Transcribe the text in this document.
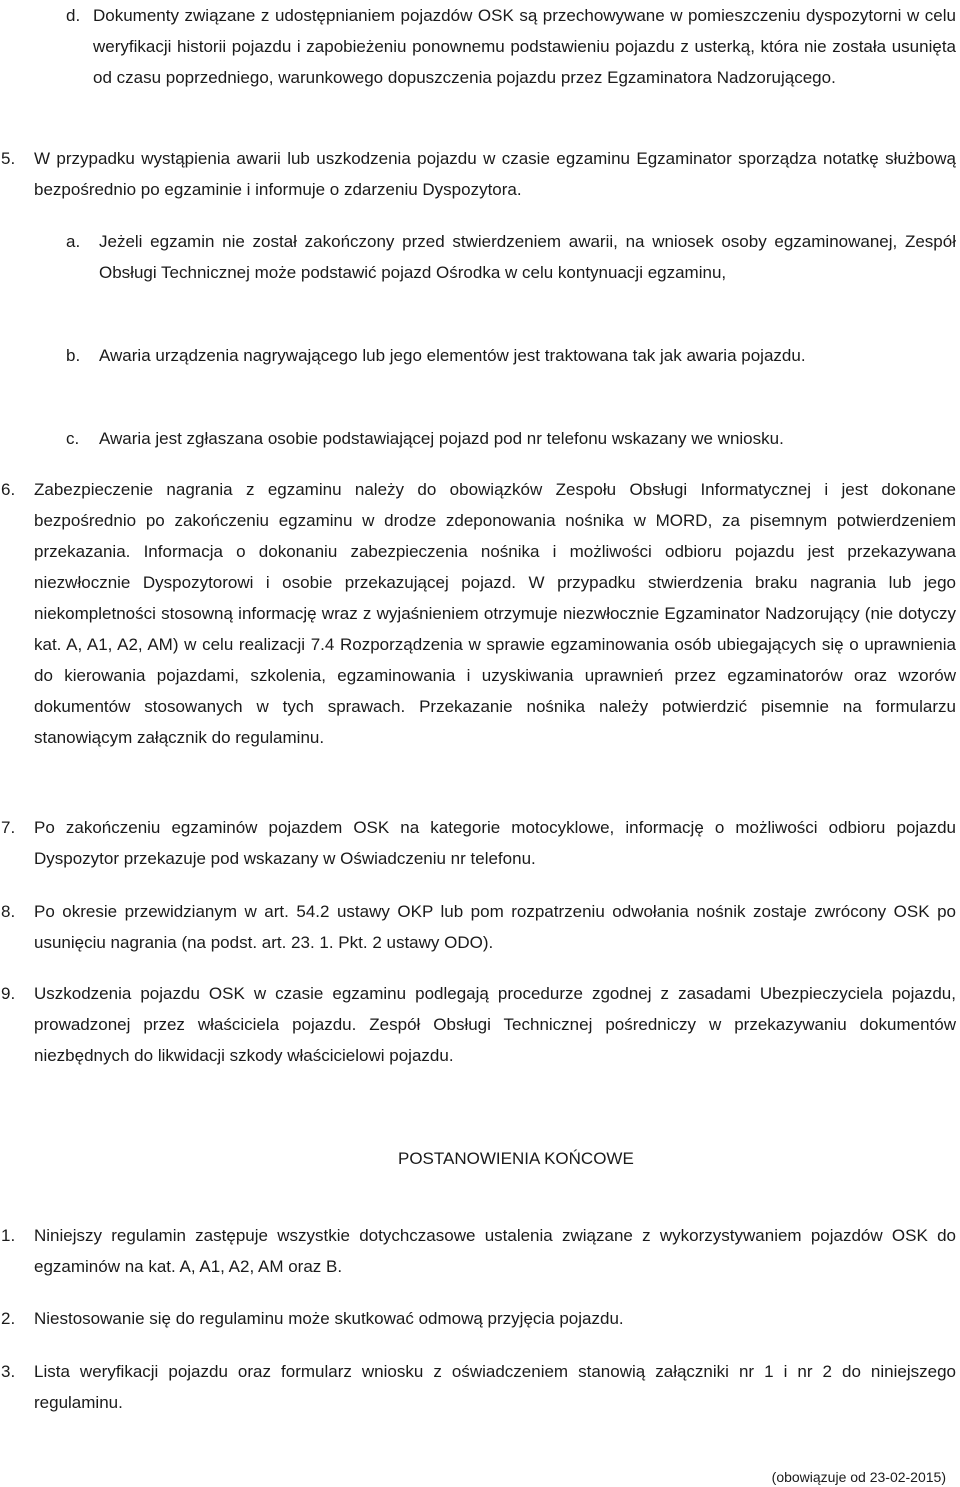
d. Dokumenty związane z udostępnianiem pojazdów OSK są przechowywane w pomieszczeniu dyspozytorni w celu weryfikacji historii pojazdu i zapobieżeniu ponownemu podstawieniu pojazdu z usterką, która nie została usunięta od czasu poprzedniego, warunkowego dopuszczenia pojazdu przez Egzaminatora Nadzorującego.
5.	W przypadku wystąpienia awarii lub uszkodzenia pojazdu w czasie egzaminu Egzaminator sporządza notatkę służbową bezpośrednio po egzaminie i informuje o zdarzeniu Dyspozytora.
a.	Jeżeli egzamin nie został zakończony przed stwierdzeniem awarii, na wniosek osoby egzaminowanej, Zespół Obsługi Technicznej może podstawić pojazd Ośrodka w celu kontynuacji egzaminu,
b.	Awaria urządzenia nagrywającego lub jego elementów jest traktowana tak jak awaria pojazdu.
c.	Awaria jest zgłaszana osobie podstawiającej pojazd pod nr telefonu wskazany we wniosku.
6.	Zabezpieczenie nagrania z egzaminu należy do obowiązków Zespołu Obsługi Informatycznej i jest dokonane bezpośrednio po zakończeniu egzaminu w drodze zdeponowania nośnika w MORD, za pisemnym potwierdzeniem przekazania. Informacja o dokonaniu zabezpieczenia nośnika i możliwości odbioru pojazdu jest przekazywana niezwłocznie Dyspozytorowi i osobie przekazującej pojazd. W przypadku stwierdzenia braku nagrania lub jego niekompletności stosowną informację wraz z wyjaśnieniem otrzymuje niezwłocznie Egzaminator Nadzorujący (nie dotyczy kat. A, A1, A2, AM) w celu realizacji 7.4 Rozporządzenia w sprawie egzaminowania osób ubiegających się o uprawnienia do kierowania pojazdami, szkolenia, egzaminowania i uzyskiwania uprawnień przez egzaminatorów oraz wzorów dokumentów stosowanych w tych sprawach. Przekazanie nośnika należy potwierdzić pisemnie na formularzu stanowiącym załącznik do regulaminu.
7.	Po zakończeniu egzaminów pojazdem OSK na kategorie motocyklowe, informację o możliwości odbioru pojazdu Dyspozytor przekazuje pod wskazany w Oświadczeniu nr telefonu.
8.	Po okresie przewidzianym w art. 54.2 ustawy OKP lub pom rozpatrzeniu odwołania nośnik zostaje zwrócony OSK po usunięciu nagrania (na podst. art. 23. 1. Pkt. 2 ustawy ODO).
9.	Uszkodzenia pojazdu OSK w czasie egzaminu podlegają procedurze zgodnej z zasadami Ubezpieczyciela pojazdu, prowadzonej przez właściciela pojazdu. Zespół Obsługi Technicznej pośredniczy w przekazywaniu dokumentów niezbędnych do likwidacji szkody właścicielowi pojazdu.
POSTANOWIENIA KOŃCOWE
1.	Niniejszy regulamin zastępuje wszystkie dotychczasowe ustalenia związane z wykorzystywaniem pojazdów OSK do egzaminów na kat. A, A1, A2, AM oraz B.
2.	Niestosowanie się do regulaminu może skutkować odmową przyjęcia pojazdu.
3.	Lista weryfikacji pojazdu oraz formularz wniosku z oświadczeniem stanowią załączniki nr 1 i nr 2 do niniejszego regulaminu.
(obowiązuje od 23-02-2015)
